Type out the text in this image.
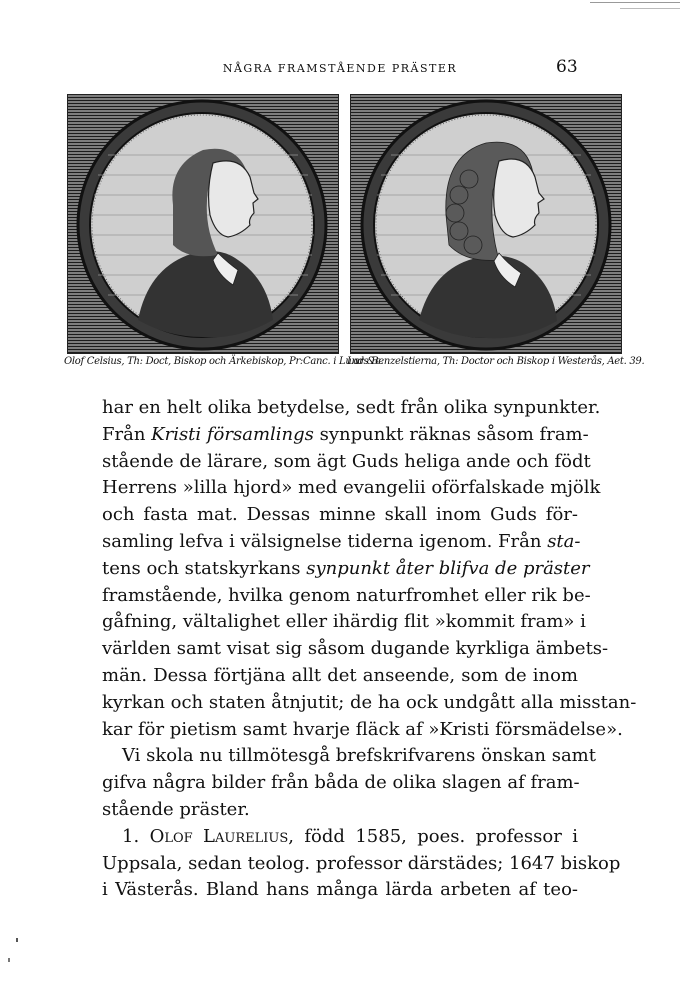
NÅGRA FRAMSTÅENDE PRÄSTER	63
Olof Celsius, Th: Doct, Biskop och Ärkebiskop, Pr:Canc. i Lund &c.
Lars Benzelstierna, Th: Doctor och Biskop i Westerås, Aet. 39.
har en helt olika betydelse, sedt från olika synpunkter.
Från Kristi församlings synpunkt räknas såsom fram-
stående de lärare, som ägt Guds heliga ande och födt
Herrens »lilla hjord» med evangelii oförfalskade mjölk
och fasta mat. Dessas minne skall inom Guds för-
samling lefva i välsignelse tiderna igenom. Från sta-
tens och statskyrkans synpunkt åter blifva de präster
framstående, hvilka genom naturfromhet eller rik be-
gåfning, vältalighet eller ihärdig flit »kommit fram» i
världen samt visat sig såsom dugande kyrkliga ämbets-
män. Dessa förtjäna allt det anseende, som de inom
kyrkan och staten åtnjutit; de ha ock undgått alla misstan-
kar för pietism samt hvarje fläck af »Kristi försmädelse».
Vi skola nu tillmötesgå brefskrifvarens önskan samt
gifva några bilder från båda de olika slagen af fram-
stående präster.
1. Olof Laurelius, född 1585, poes. professor i
Uppsala, sedan teolog. professor därstädes; 1647 biskop
i Västerås. Bland hans många lärda arbeten af teo-
